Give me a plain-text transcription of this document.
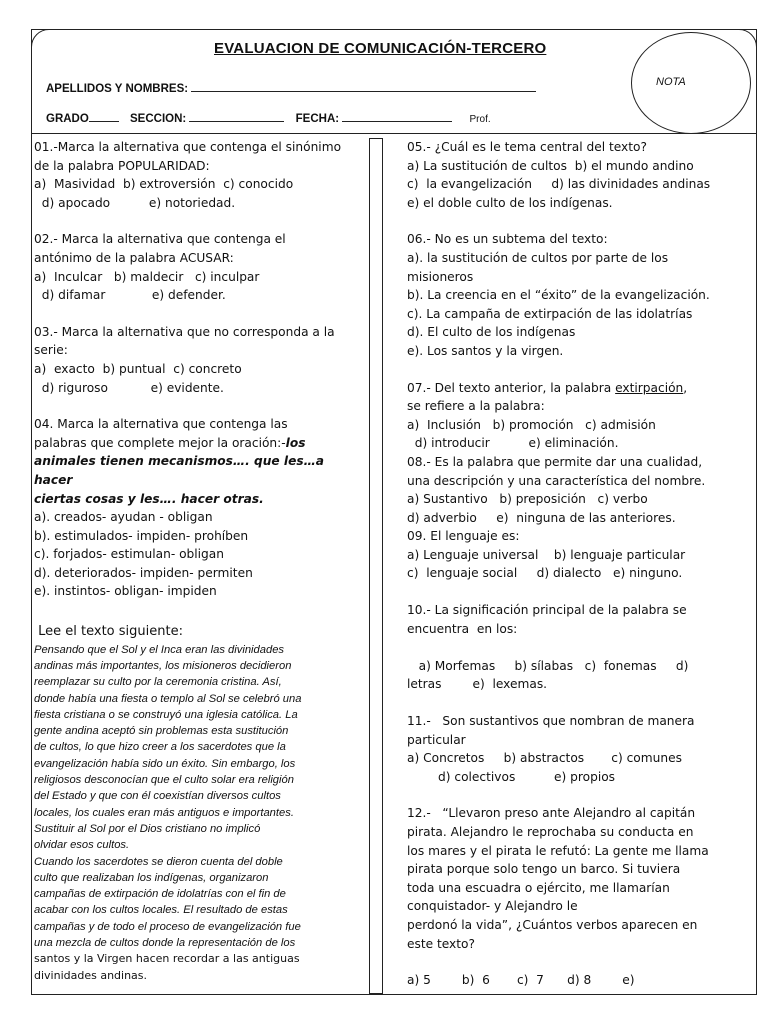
EVALUACION DE COMUNICACIÓN-TERCERO
APELLIDOS Y NOMBRES:
GRADO	SECCION:	FECHA:	Prof.
NOTA
01.-Marca la alternativa que contenga el sinónimo
de la palabra POPULARIDAD:
a)  Masividad  b) extroversión  c) conocido
d) apocado          e) notoriedad.
02.- Marca la alternativa que contenga el
antónimo de la palabra ACUSAR:
a)  Inculcar   b) maldecir   c) inculpar
d) difamar            e) defender.
03.- Marca la alternativa que no corresponda a la
serie:
a)  exacto  b) puntual  c) concreto
d) riguroso           e) evidente.
04. Marca la alternativa que contenga las
palabras que complete mejor la oración:-los
animales tienen mecanismos…. que les…a hacer
ciertas cosas y les…. hacer otras.
a). creados- ayudan - obligan
b). estimulados- impiden- prohíben
c). forjados- estimulan- obligan
d). deteriorados- impiden- permiten
e). instintos- obligan- impiden
Lee el texto siguiente:
Pensando que el Sol y el Inca eran las divinidades
andinas más importantes, los misioneros decidieron
reemplazar su culto por la ceremonia cristina. Así,
donde había una fiesta o templo al Sol se celebró una
fiesta cristiana o se construyó una iglesia católica. La
gente andina aceptó sin problemas esta sustitución
de cultos, lo que hizo creer a los sacerdotes que la
evangelización había sido un éxito. Sin embargo, los
religiosos desconocían que el culto solar era religión
del Estado y que con él coexistían diversos cultos
locales, los cuales eran más antiguos e importantes.
Sustituir al Sol por el Dios cristiano no implicó
olvidar esos cultos.
Cuando los sacerdotes se dieron cuenta del doble
culto que realizaban los indígenas, organizaron
campañas de extirpación de idolatrías con el fin de
acabar con los cultos locales. El resultado de estas
campañas y de todo el proceso de evangelización fue
una mezcla de cultos donde la representación de los
santos y la Virgen hacen recordar a las antiguas
divinidades andinas.
05.- ¿Cuál es le tema central del texto?
a) La sustitución de cultos  b) el mundo andino
c)  la evangelización     d) las divinidades andinas
e) el doble culto de los indígenas.
06.- No es un subtema del texto:
a). la sustitución de cultos por parte de los
misioneros
b). La creencia en el “éxito” de la evangelización.
c). La campaña de extirpación de las idolatrías
d). El culto de los indígenas
e). Los santos y la virgen.
07.- Del texto anterior, la palabra extirpación,
se refiere a la palabra:
a)  Inclusión   b) promoción   c) admisión
d) introducir          e) eliminación.
08.- Es la palabra que permite dar una cualidad,
una descripción y una característica del nombre.
a) Sustantivo   b) preposición   c) verbo
d) adverbio     e)  ninguna de las anteriores.
09. El lenguaje es:
a) Lenguaje universal    b) lenguaje particular
c)  lenguaje social     d) dialecto   e) ninguno.
10.- La significación principal de la palabra se
encuentra  en los:
a) Morfemas     b) sílabas   c)  fonemas     d)
letras        e)  lexemas.
11.-   Son sustantivos que nombran de manera
particular
a) Concretos     b) abstractos       c) comunes
d) colectivos          e) propios
12.-   “Llevaron preso ante Alejandro al capitán
pirata. Alejandro le reprochaba su conducta en
los mares y el pirata le refutó: La gente me llama
pirata porque solo tengo un barco. Si tuviera
toda una escuadra o ejército, me llamarían
conquistador- y Alejandro le
perdonó la vida”, ¿Cuántos verbos aparecen en
este texto?
a) 5        b)  6       c)  7      d) 8        e)
